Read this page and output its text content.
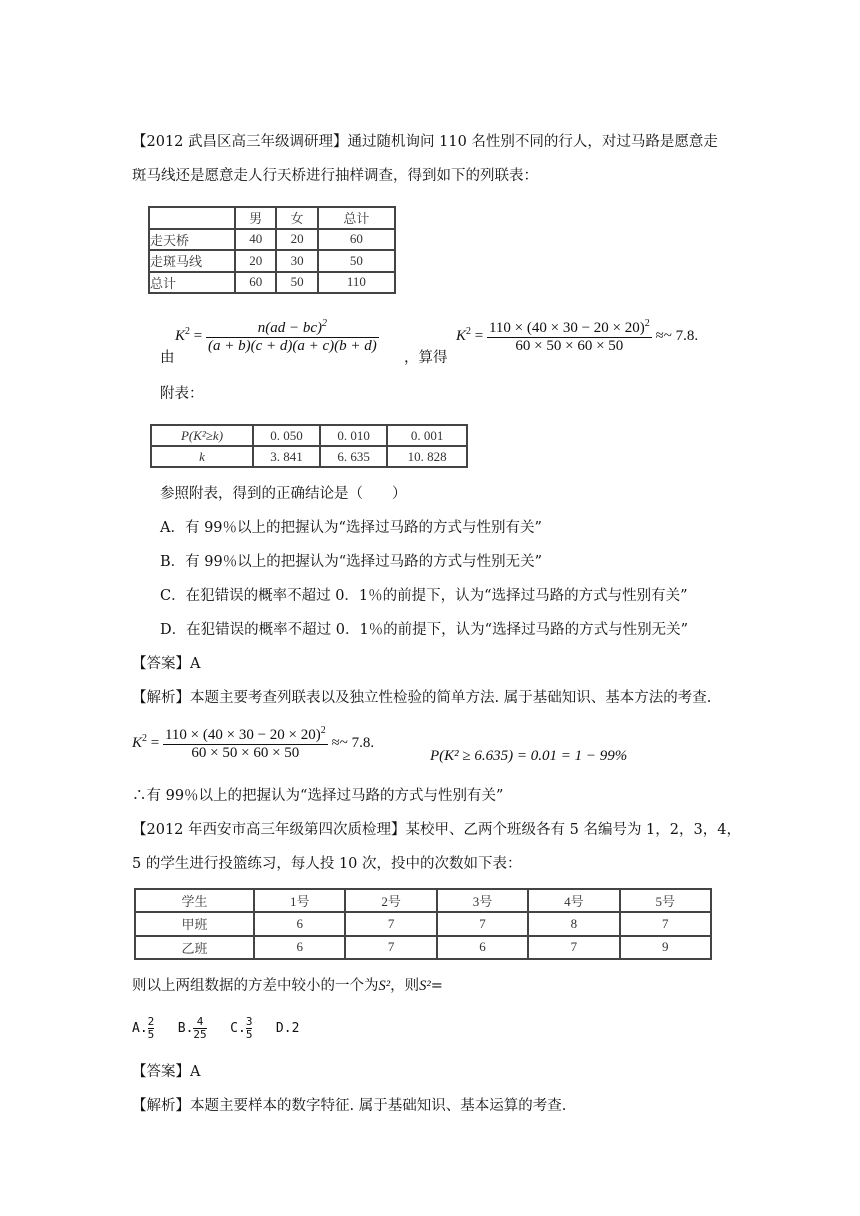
【2012 武昌区高三年级调研理】通过随机询问 110 名性别不同的行人，对过马路是愿意走
斑马线还是愿意走人行天桥进行抽样调查，得到如下的列联表：
	男	女	总计
走天桥	40	20	60
走斑马线	20	30	50
总计	60	50	110
$K^2 = \frac{n(ad - bc)^2}{(a + b)(c + d)(a + c)(b + d)}$
由	，算得
$K^2 = \frac{110 \times (40 \times 30 - 20 \times 20)^2}{60 \times 50 \times 60 \times 50}$ ≈~ 7.8.
附表：
P(K²≥k)	0. 050	0. 010	0. 001
k	3. 841	6. 635	10. 828
参照附表，得到的正确结论是（　　）
A．有 99％以上的把握认为“选择过马路的方式与性别有关”
B．有 99％以上的把握认为“选择过马路的方式与性别无关”
C．在犯错误的概率不超过 0．1％的前提下，认为“选择过马路的方式与性别有关”
D．在犯错误的概率不超过 0．1％的前提下，认为“选择过马路的方式与性别无关”
【答案】A
【解析】本题主要考查列联表以及独立性检验的简单方法. 属于基础知识、基本方法的考查.
$K^2 = \frac{110 \times (40 \times 30 - 20 \times 20)^2}{60 \times 50 \times 60 \times 50}$ ≈~ 7.8.
P(K² ≥ 6.635) = 0.01 = 1 − 99%
∴有 99％以上的把握认为“选择过马路的方式与性别有关”
【2012 年西安市高三年级第四次质检理】某校甲、乙两个班级各有 5 名编号为 1，2，3，4，
5 的学生进行投篮练习，每人投 10 次，投中的次数如下表：
学生	1号	2号	3号	4号	5号
甲班	6	7	7	8	7
乙班	6	7	6	7	9
则以上两组数据的方差中较小的一个为S²，则S²=
A. $\frac{2}{5} B$. $\frac{4}{25} C$. $\frac{3}{5} D.2$
【答案】A
【解析】本题主要样本的数字特征. 属于基础知识、基本运算的考查.
